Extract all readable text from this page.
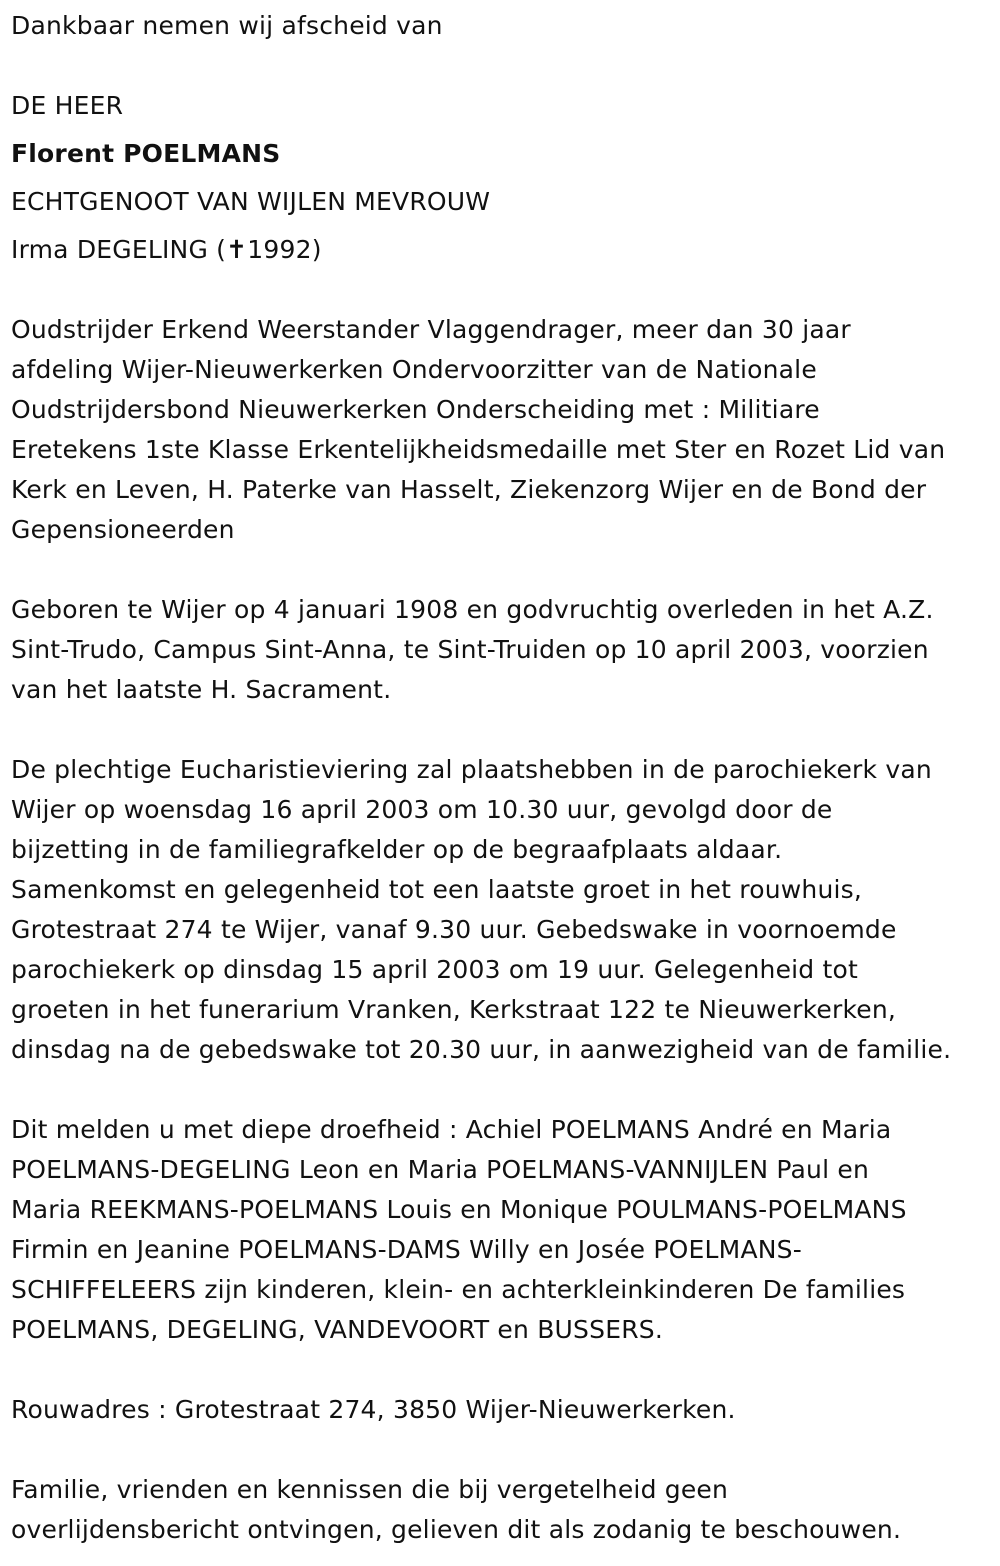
Dankbaar nemen wij afscheid van
DE HEER
Florent POELMANS
ECHTGENOOT VAN WIJLEN MEVROUW
Irma DEGELING (✝1992)
Oudstrijder Erkend Weerstander Vlaggendrager, meer dan 30 jaar
afdeling Wijer-Nieuwerkerken Ondervoorzitter van de Nationale
Oudstrijdersbond Nieuwerkerken Onderscheiding met : Militiare
Eretekens 1ste Klasse Erkentelijkheidsmedaille met Ster en Rozet Lid van
Kerk en Leven, H. Paterke van Hasselt, Ziekenzorg Wijer en de Bond der
Gepensioneerden
Geboren te Wijer op 4 januari 1908 en godvruchtig overleden in het A.Z.
Sint-Trudo, Campus Sint-Anna, te Sint-Truiden op 10 april 2003, voorzien
van het laatste H. Sacrament.
De plechtige Eucharistieviering zal plaatshebben in de parochiekerk van
Wijer op woensdag 16 april 2003 om 10.30 uur, gevolgd door de
bijzetting in de familiegrafkelder op de begraafplaats aldaar.
Samenkomst en gelegenheid tot een laatste groet in het rouwhuis,
Grotestraat 274 te Wijer, vanaf 9.30 uur. Gebedswake in voornoemde
parochiekerk op dinsdag 15 april 2003 om 19 uur. Gelegenheid tot
groeten in het funerarium Vranken, Kerkstraat 122 te Nieuwerkerken,
dinsdag na de gebedswake tot 20.30 uur, in aanwezigheid van de familie.
Dit melden u met diepe droefheid : Achiel POELMANS André en Maria
POELMANS-DEGELING Leon en Maria POELMANS-VANNIJLEN Paul en
Maria REEKMANS-POELMANS Louis en Monique POULMANS-POELMANS
Firmin en Jeanine POELMANS-DAMS Willy en Josée POELMANS-
SCHIFFELEERS zijn kinderen, klein- en achterkleinkinderen De families
POELMANS, DEGELING, VANDEVOORT en BUSSERS.
Rouwadres : Grotestraat 274, 3850 Wijer-Nieuwerkerken.
Familie, vrienden en kennissen die bij vergetelheid geen
overlijdensbericht ontvingen, gelieven dit als zodanig te beschouwen.
